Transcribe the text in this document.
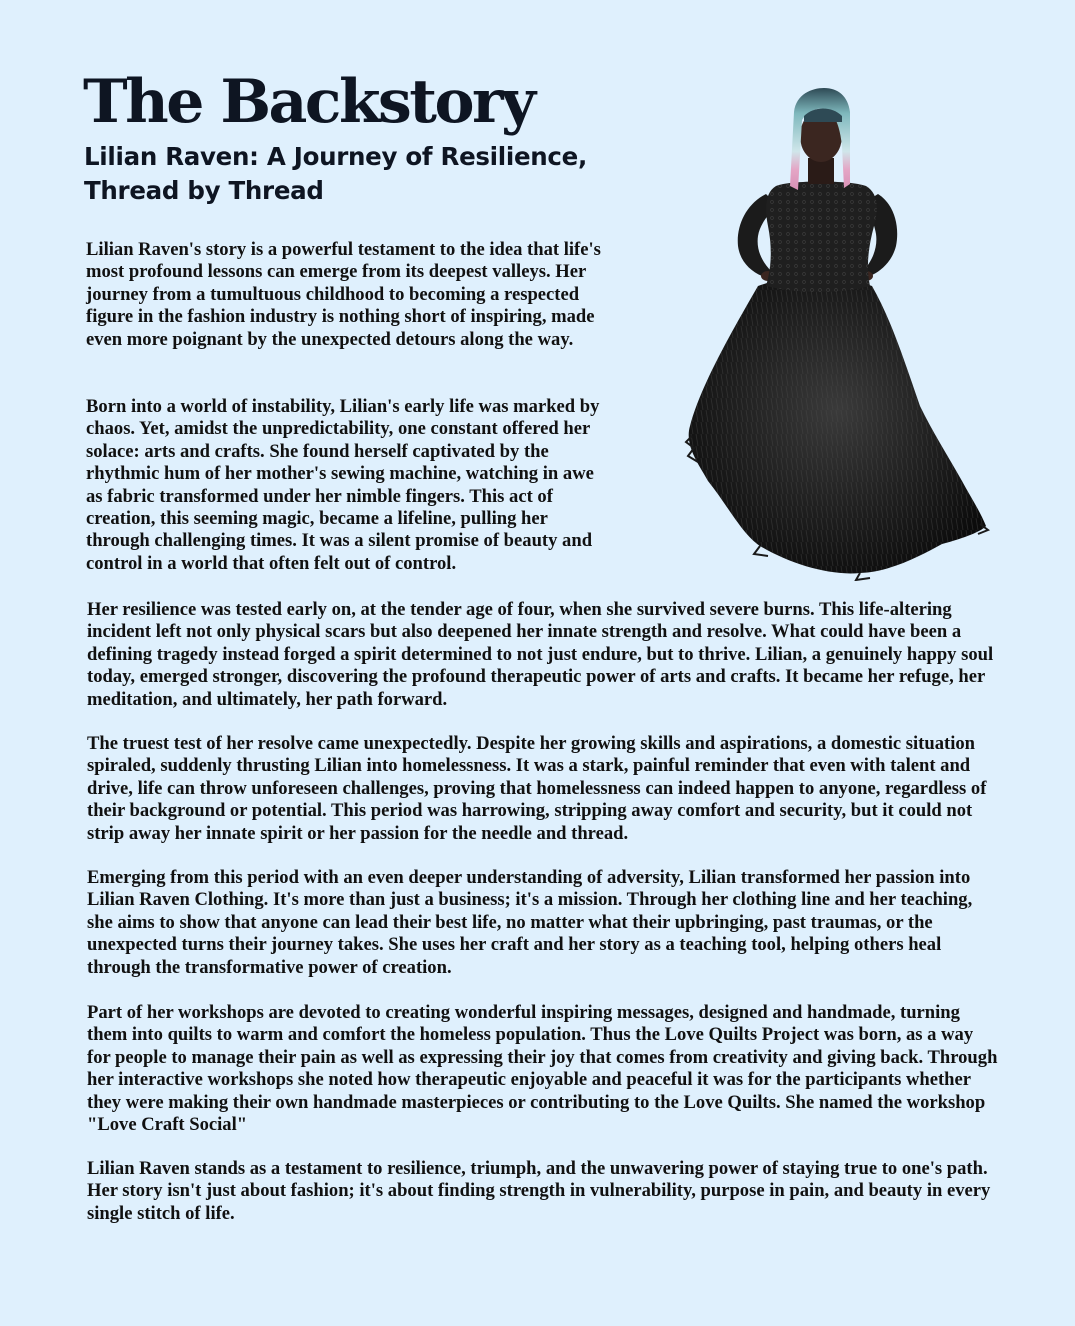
The Backstory
Lilian Raven: A Journey of Resilience, Thread by Thread

Lilian Raven's story is a powerful testament to the idea that life's most profound lessons can emerge from its deepest valleys. Her journey from a tumultuous childhood to becoming a respected figure in the fashion industry is nothing short of inspiring, made even more poignant by the unexpected detours along the way.

Born into a world of instability, Lilian's early life was marked by chaos. Yet, amidst the unpredictability, one constant offered her solace: arts and crafts. She found herself captivated by the rhythmic hum of her mother's sewing machine, watching in awe as fabric transformed under her nimble fingers. This act of creation, this seeming magic, became a lifeline, pulling her through challenging times. It was a silent promise of beauty and control in a world that often felt out of control.

Her resilience was tested early on, at the tender age of four, when she survived severe burns. This life-altering incident left not only physical scars but also deepened her innate strength and resolve. What could have been a defining tragedy instead forged a spirit determined to not just endure, but to thrive. Lilian, a genuinely happy soul today, emerged stronger, discovering the profound therapeutic power of arts and crafts. It became her refuge, her meditation, and ultimately, her path forward.

The truest test of her resolve came unexpectedly. Despite her growing skills and aspirations, a domestic situation spiraled, suddenly thrusting Lilian into homelessness. It was a stark, painful reminder that even with talent and drive, life can throw unforeseen challenges, proving that homelessness can indeed happen to anyone, regardless of their background or potential. This period was harrowing, stripping away comfort and security, but it could not strip away her innate spirit or her passion for the needle and thread.

Emerging from this period with an even deeper understanding of adversity, Lilian transformed her passion into Lilian Raven Clothing. It's more than just a business; it's a mission. Through her clothing line and her teaching, she aims to show that anyone can lead their best life, no matter what their upbringing, past traumas, or the unexpected turns their journey takes. She uses her craft and her story as a teaching tool, helping others heal through the transformative power of creation.

Part of her workshops are devoted to creating wonderful inspiring messages, designed and handmade, turning them into quilts to warm and comfort the homeless population. Thus the Love Quilts Project was born, as a way for people to manage their pain as well as expressing their joy that comes from creativity and giving back. Through her interactive workshops she noted how therapeutic enjoyable and peaceful it was for the participants whether they were making their own handmade masterpieces or contributing to the Love Quilts. She named the workshop "Love Craft Social"

Lilian Raven stands as a testament to resilience, triumph, and the unwavering power of staying true to one's path. Her story isn't just about fashion; it's about finding strength in vulnerability, purpose in pain, and beauty in every single stitch of life.
